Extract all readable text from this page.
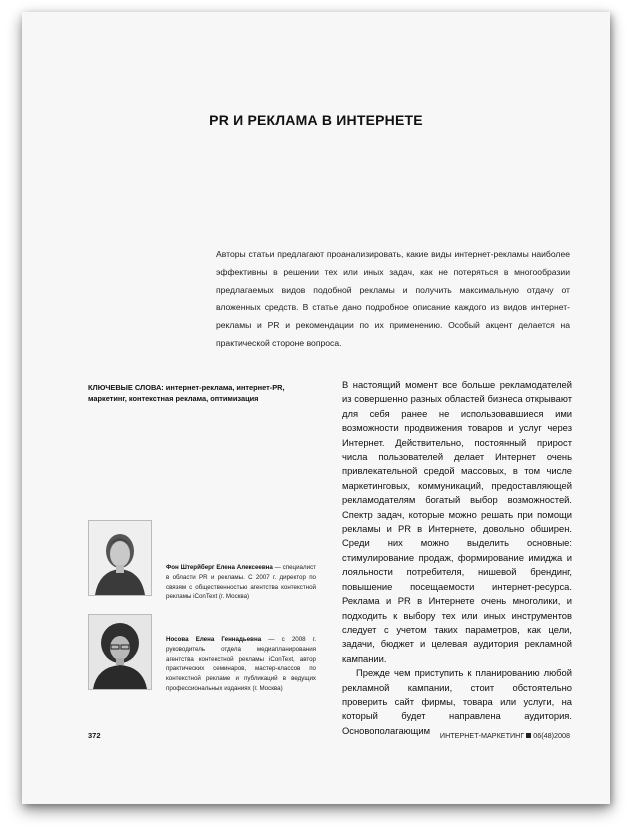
PR И РЕКЛАМА В ИНТЕРНЕТЕ
Авторы статьи предлагают проанализировать, какие виды интернет-рекламы наиболее эффективны в решении тех или иных задач, как не потеряться в многообразии предлагаемых видов подобной рекламы и получить максимальную отдачу от вложенных средств. В статье дано подробное описание каждого из видов интернет-рекламы и PR и рекомендации по их применению. Особый акцент делается на практической стороне вопроса.
КЛЮЧЕВЫЕ СЛОВА: интернет-реклама, интернет-PR, маркетинг, контекстная реклама, оптимизация
Фон Штерйберг Елена Алексеевна — специалист в области PR и рекламы. С 2007 г. директор по связям с общественностью агентства контекстной рекламы iConText (г. Москва)
Носова Елена Геннадьевна — с 2008 г. руководитель отдела медиапланирования агентства контекстной рекламы iConText, автор практических семинаров, мастер-классов по контекстной рекламе и публикаций в ведущих профессиональных изданиях (г. Москва)

В настоящий момент все больше рекламодателей из совершенно разных областей бизнеса открывают для себя ранее не использовавшиеся ими возможности продвижения товаров и услуг через Интернет. Действительно, постоянный прирост числа пользователей делает Интернет очень привлекательной средой массовых, в том числе маркетинговых, коммуникаций, предоставляющей рекламодателям богатый выбор возможностей. Спектр задач, которые можно решать при помощи рекламы и PR в Интернете, довольно обширен. Среди них можно выделить основные: стимулирование продаж, формирование имиджа и лояльности потребителя, нишевой брендинг, повышение посещаемости интернет-ресурса. Реклама и PR в Интернете очень многолики, и подходить к выбору тех или иных инструментов следует с учетом таких параметров, как цели, задачи, бюджет и целевая аудитория рекламной кампании.

Прежде чем приступить к планированию любой рекламной кампании, стоит обстоятельно проверить сайт фирмы, товара или услуги, на который будет направлена аудитория. Основополагающим

372	ИНТЕРНЕТ-МАРКЕТИНГ 06(48)2008
